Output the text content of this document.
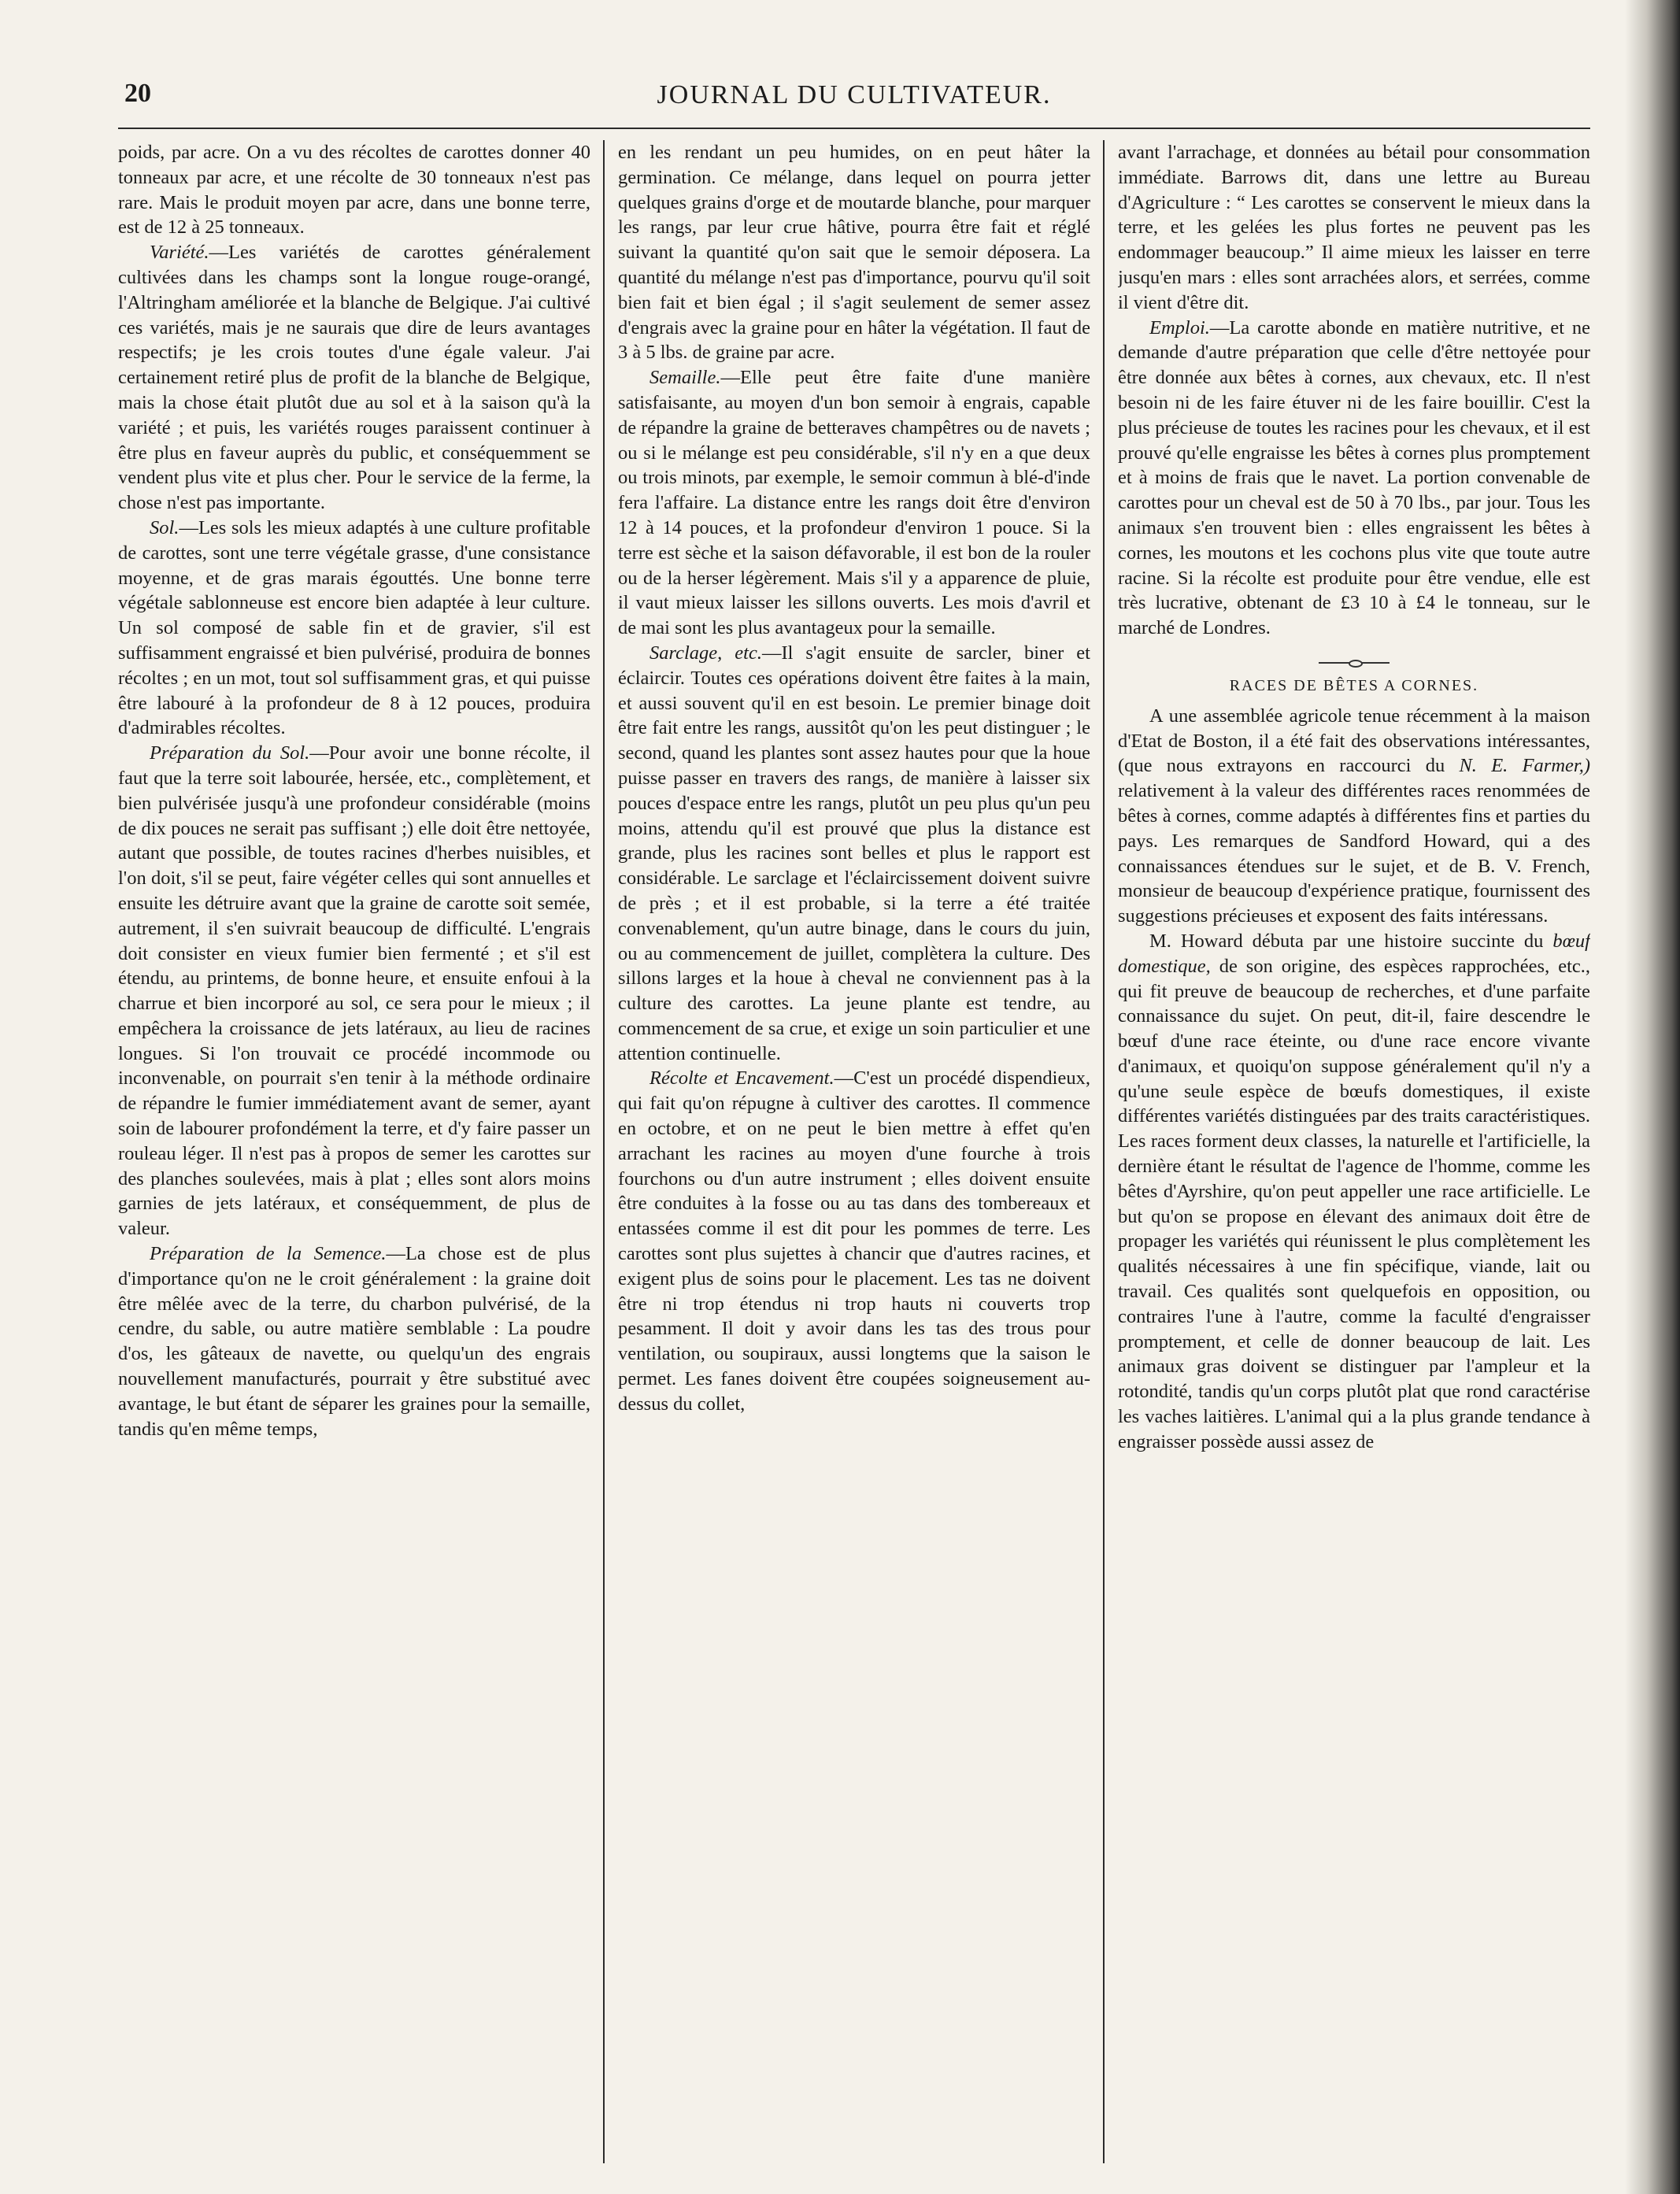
20	JOURNAL DU CULTIVATEUR.

poids, par acre. On a vu des récoltes de carottes donner 40 tonneaux par acre, et une récolte de 30 tonneaux n'est pas rare. Mais le produit moyen par acre, dans une bonne terre, est de 12 à 25 tonneaux.

Variété.—Les variétés de carottes généralement cultivées dans les champs sont la longue rouge-orangé, l'Altringham améliorée et la blanche de Belgique. J'ai cultivé ces variétés, mais je ne saurais que dire de leurs avantages respectifs; je les crois toutes d'une égale valeur. J'ai certainement retiré plus de profit de la blanche de Belgique, mais la chose était plutôt due au sol et à la saison qu'à la variété ; et puis, les variétés rouges paraissent continuer à être plus en faveur auprès du public, et conséquemment se vendent plus vite et plus cher. Pour le service de la ferme, la chose n'est pas importante.

Sol.—Les sols les mieux adaptés à une culture profitable de carottes, sont une terre végétale grasse, d'une consistance moyenne, et de gras marais égouttés. Une bonne terre végétale sablonneuse est encore bien adaptée à leur culture. Un sol composé de sable fin et de gravier, s'il est suffisamment engraissé et bien pulvérisé, produira de bonnes récoltes ; en un mot, tout sol suffisamment gras, et qui puisse être labouré à la profondeur de 8 à 12 pouces, produira d'admirables récoltes.

Préparation du Sol.—Pour avoir une bonne récolte, il faut que la terre soit labourée, hersée, etc., complètement, et bien pulvérisée jusqu'à une profondeur considérable (moins de dix pouces ne serait pas suffisant ;) elle doit être nettoyée, autant que possible, de toutes racines d'herbes nuisibles, et l'on doit, s'il se peut, faire végéter celles qui sont annuelles et ensuite les détruire avant que la graine de carotte soit semée, autrement, il s'en suivrait beaucoup de difficulté. L'engrais doit consister en vieux fumier bien fermenté ; et s'il est étendu, au printems, de bonne heure, et ensuite enfoui à la charrue et bien incorporé au sol, ce sera pour le mieux ; il empêchera la croissance de jets latéraux, au lieu de racines longues. Si l'on trouvait ce procédé incommode ou inconvenable, on pourrait s'en tenir à la méthode ordinaire de répandre le fumier immédiatement avant de semer, ayant soin de labourer profondément la terre, et d'y faire passer un rouleau léger. Il n'est pas à propos de semer les carottes sur des planches soulevées, mais à plat ; elles sont alors moins garnies de jets latéraux, et conséquemment, de plus de valeur.

Préparation de la Semence.—La chose est de plus d'importance qu'on ne le croit généralement : la graine doit être mêlée avec de la terre, du charbon pulvérisé, de la cendre, du sable, ou autre matière semblable : La poudre d'os, les gâteaux de navette, ou quelqu'un des engrais nouvellement manufacturés, pourrait y être substitué avec avantage, le but étant de séparer les graines pour la semaille, tandis qu'en même temps,

en les rendant un peu humides, on en peut hâter la germination. Ce mélange, dans lequel on pourra jetter quelques grains d'orge et de moutarde blanche, pour marquer les rangs, par leur crue hâtive, pourra être fait et réglé suivant la quantité qu'on sait que le semoir déposera. La quantité du mélange n'est pas d'importance, pourvu qu'il soit bien fait et bien égal ; il s'agit seulement de semer assez d'engrais avec la graine pour en hâter la végétation. Il faut de 3 à 5 lbs. de graine par acre.

Semaille.—Elle peut être faite d'une manière satisfaisante, au moyen d'un bon semoir à engrais, capable de répandre la graine de betteraves champêtres ou de navets ; ou si le mélange est peu considérable, s'il n'y en a que deux ou trois minots, par exemple, le semoir commun à blé-d'inde fera l'affaire. La distance entre les rangs doit être d'environ 12 à 14 pouces, et la profondeur d'environ 1 pouce. Si la terre est sèche et la saison défavorable, il est bon de la rouler ou de la herser légèrement. Mais s'il y a apparence de pluie, il vaut mieux laisser les sillons ouverts. Les mois d'avril et de mai sont les plus avantageux pour la semaille.

Sarclage, etc.—Il s'agit ensuite de sarcler, biner et éclaircir. Toutes ces opérations doivent être faites à la main, et aussi souvent qu'il en est besoin. Le premier binage doit être fait entre les rangs, aussitôt qu'on les peut distinguer ; le second, quand les plantes sont assez hautes pour que la houe puisse passer en travers des rangs, de manière à laisser six pouces d'espace entre les rangs, plutôt un peu plus qu'un peu moins, attendu qu'il est prouvé que plus la distance est grande, plus les racines sont belles et plus le rapport est considérable. Le sarclage et l'éclaircissement doivent suivre de près ; et il est probable, si la terre a été traitée convenablement, qu'un autre binage, dans le cours du juin, ou au commencement de juillet, complètera la culture. Des sillons larges et la houe à cheval ne conviennent pas à la culture des carottes. La jeune plante est tendre, au commencement de sa crue, et exige un soin particulier et une attention continuelle.

Récolte et Encavement.—C'est un procédé dispendieux, qui fait qu'on répugne à cultiver des carottes. Il commence en octobre, et on ne peut le bien mettre à effet qu'en arrachant les racines au moyen d'une fourche à trois fourchons ou d'un autre instrument ; elles doivent ensuite être conduites à la fosse ou au tas dans des tombereaux et entassées comme il est dit pour les pommes de terre. Les carottes sont plus sujettes à chancir que d'autres racines, et exigent plus de soins pour le placement. Les tas ne doivent être ni trop étendus ni trop hauts ni couverts trop pesamment. Il doit y avoir dans les tas des trous pour ventilation, ou soupiraux, aussi longtems que la saison le permet. Les fanes doivent être coupées soigneusement au-dessus du collet,

avant l'arrachage, et données au bétail pour consommation immédiate. Barrows dit, dans une lettre au Bureau d'Agriculture : “ Les carottes se conservent le mieux dans la terre, et les gelées les plus fortes ne peuvent pas les endommager beaucoup.” Il aime mieux les laisser en terre jusqu'en mars : elles sont arrachées alors, et serrées, comme il vient d'être dit.

Emploi.—La carotte abonde en matière nutritive, et ne demande d'autre préparation que celle d'être nettoyée pour être donnée aux bêtes à cornes, aux chevaux, etc. Il n'est besoin ni de les faire étuver ni de les faire bouillir. C'est la plus précieuse de toutes les racines pour les chevaux, et il est prouvé qu'elle engraisse les bêtes à cornes plus promptement et à moins de frais que le navet. La portion convenable de carottes pour un cheval est de 50 à 70 lbs., par jour. Tous les animaux s'en trouvent bien : elles engraissent les bêtes à cornes, les moutons et les cochons plus vite que toute autre racine. Si la récolte est produite pour être vendue, elle est très lucrative, obtenant de £3 10 à £4 le tonneau, sur le marché de Londres.

RACES DE BÊTES A CORNES.

A une assemblée agricole tenue récemment à la maison d'Etat de Boston, il a été fait des observations intéressantes, (que nous extrayons en raccourci du N. E. Farmer,) relativement à la valeur des différentes races renommées de bêtes à cornes, comme adaptés à différentes fins et parties du pays. Les remarques de Sandford Howard, qui a des connaissances étendues sur le sujet, et de B. V. French, monsieur de beaucoup d'expérience pratique, fournissent des suggestions précieuses et exposent des faits intéressans.

M. Howard débuta par une histoire succinte du bœuf domestique, de son origine, des espèces rapprochées, etc., qui fit preuve de beaucoup de recherches, et d'une parfaite connaissance du sujet. On peut, dit-il, faire descendre le bœuf d'une race éteinte, ou d'une race encore vivante d'animaux, et quoiqu'on suppose généralement qu'il n'y a qu'une seule espèce de bœufs domestiques, il existe différentes variétés distinguées par des traits caractéristiques. Les races forment deux classes, la naturelle et l'artificielle, la dernière étant le résultat de l'agence de l'homme, comme les bêtes d'Ayrshire, qu'on peut appeller une race artificielle. Le but qu'on se propose en élevant des animaux doit être de propager les variétés qui réunissent le plus complètement les qualités nécessaires à une fin spécifique, viande, lait ou travail. Ces qualités sont quelquefois en opposition, ou contraires l'une à l'autre, comme la faculté d'engraisser promptement, et celle de donner beaucoup de lait. Les animaux gras doivent se distinguer par l'ampleur et la rotondité, tandis qu'un corps plutôt plat que rond caractérise les vaches laitières. L'animal qui a la plus grande tendance à engraisser possède aussi assez de
